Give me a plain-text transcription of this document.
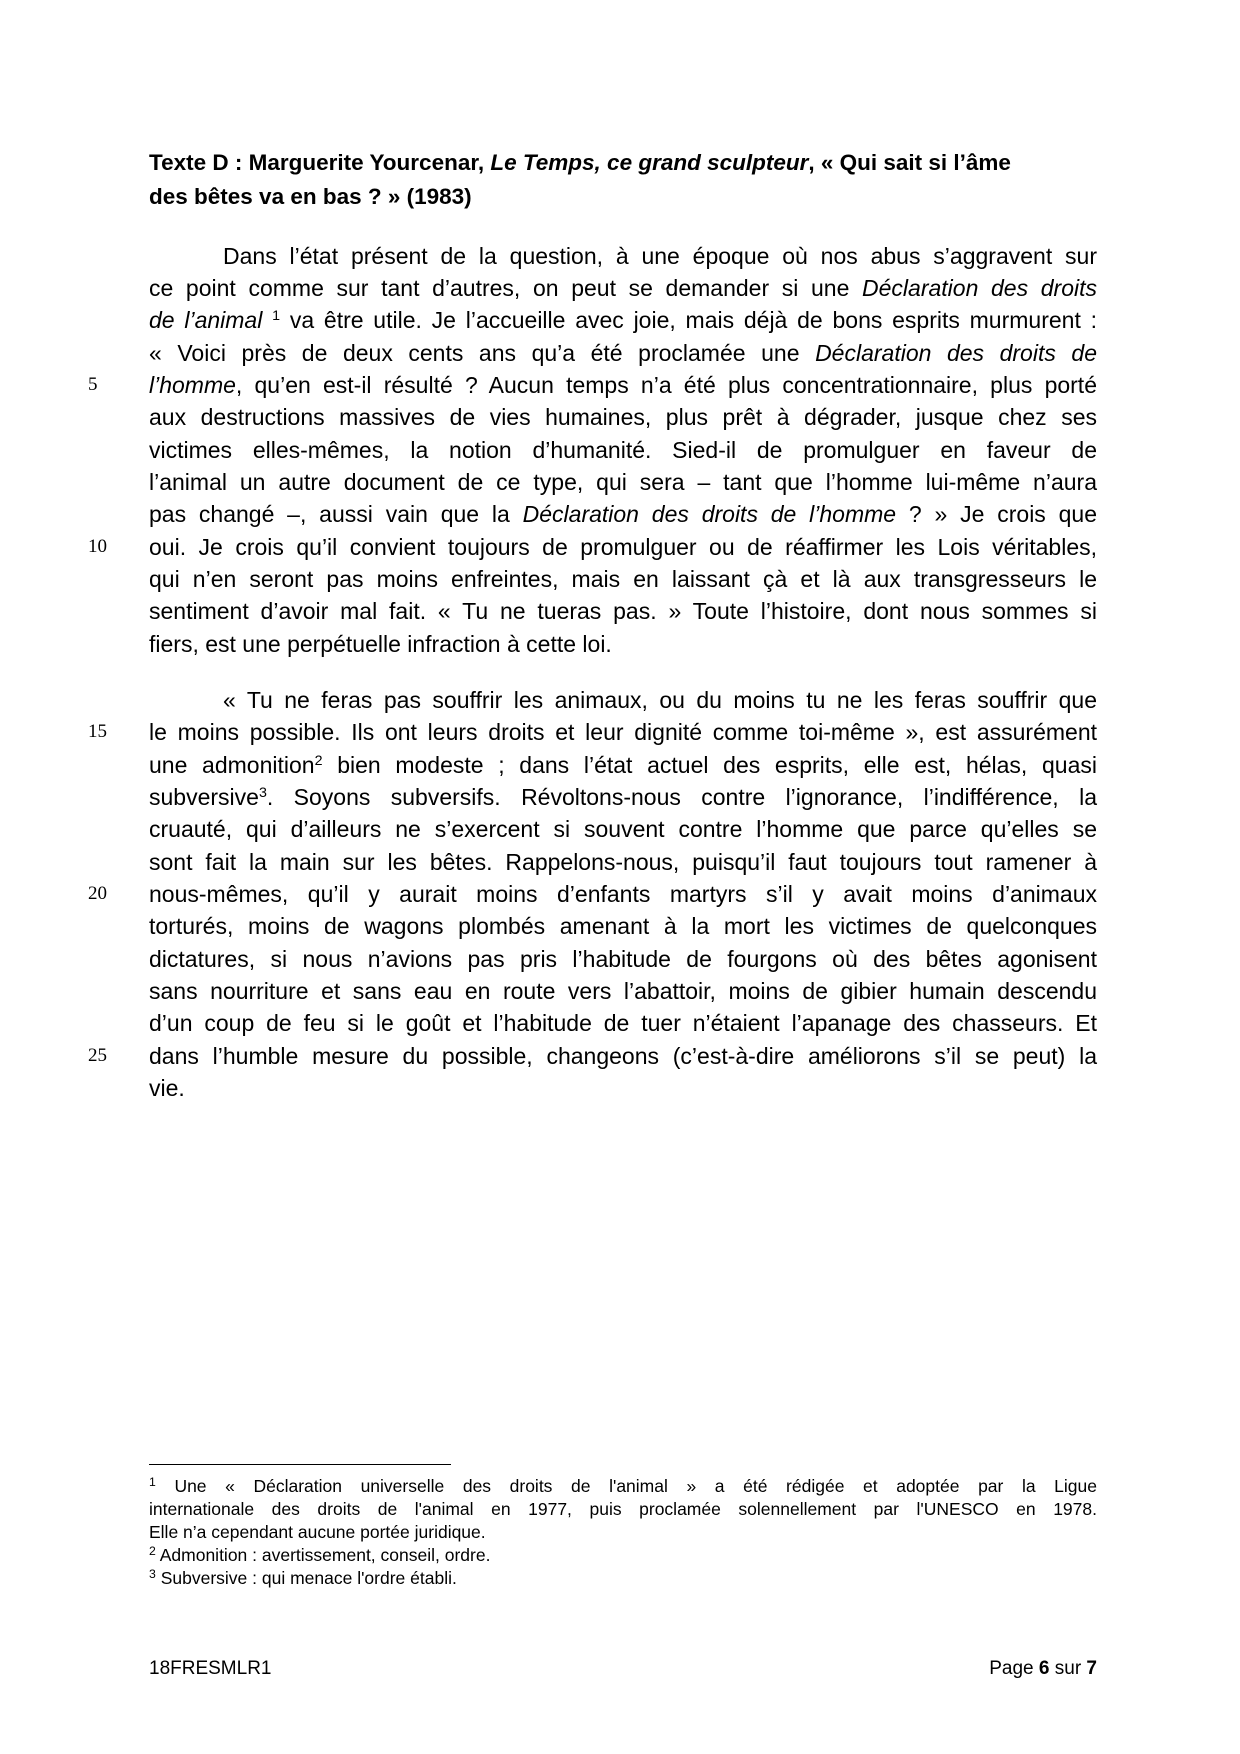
Texte D : Marguerite Yourcenar, Le Temps, ce grand sculpteur, « Qui sait si l’âme
des bêtes va en bas ? » (1983)
Dans l’état présent de la question, à une époque où nos abus s’aggravent sur
ce point comme sur tant d’autres, on peut se demander si une Déclaration des droits
de l’animal $^1$ va être utile. Je l’accueille avec joie, mais déjà de bons esprits murmurent :
« Voici près de deux cents ans qu’a été proclamée une Déclaration des droits de
l’homme, qu’en est-il résulté ? Aucun temps n’a été plus concentrationnaire, plus porté
aux destructions massives de vies humaines, plus prêt à dégrader, jusque chez ses
victimes elles-mêmes, la notion d’humanité. Sied-il de promulguer en faveur de
l’animal un autre document de ce type, qui sera – tant que l’homme lui-même n’aura
pas changé –, aussi vain que la Déclaration des droits de l’homme ? » Je crois que
oui. Je crois qu’il convient toujours de promulguer ou de réaffirmer les Lois véritables,
qui n’en seront pas moins enfreintes, mais en laissant çà et là aux transgresseurs le
sentiment d’avoir mal fait. « Tu ne tueras pas. » Toute l’histoire, dont nous sommes si
fiers, est une perpétuelle infraction à cette loi.
« Tu ne feras pas souffrir les animaux, ou du moins tu ne les feras souffrir que
le moins possible. Ils ont leurs droits et leur dignité comme toi-même », est assurément
une admonition$^2$ bien modeste ; dans l’état actuel des esprits, elle est, hélas, quasi
subversive$^3$. Soyons subversifs. Révoltons-nous contre l’ignorance, l’indifférence, la
cruauté, qui d’ailleurs ne s’exercent si souvent contre l’homme que parce qu’elles se
sont fait la main sur les bêtes. Rappelons-nous, puisqu’il faut toujours tout ramener à
nous-mêmes, qu’il y aurait moins d’enfants martyrs s’il y avait moins d’animaux
torturés, moins de wagons plombés amenant à la mort les victimes de quelconques
dictatures, si nous n’avions pas pris l’habitude de fourgons où des bêtes agonisent
sans nourriture et sans eau en route vers l’abattoir, moins de gibier humain descendu
d’un coup de feu si le goût et l’habitude de tuer n’étaient l’apanage des chasseurs. Et
dans l’humble mesure du possible, changeons (c’est-à-dire améliorons s’il se peut) la
vie.
5
10
15
20
25
$^1$ Une « Déclaration universelle des droits de l'animal » a été rédigée et adoptée par la Ligue
internationale des droits de l'animal en 1977, puis proclamée solennellement par l'UNESCO en 1978.
Elle n’a cependant aucune portée juridique.
$^2$ Admonition : avertissement, conseil, ordre.
$^3$ Subversive : qui menace l'ordre établi.
18FRESMLR1	Page 6 sur 7
